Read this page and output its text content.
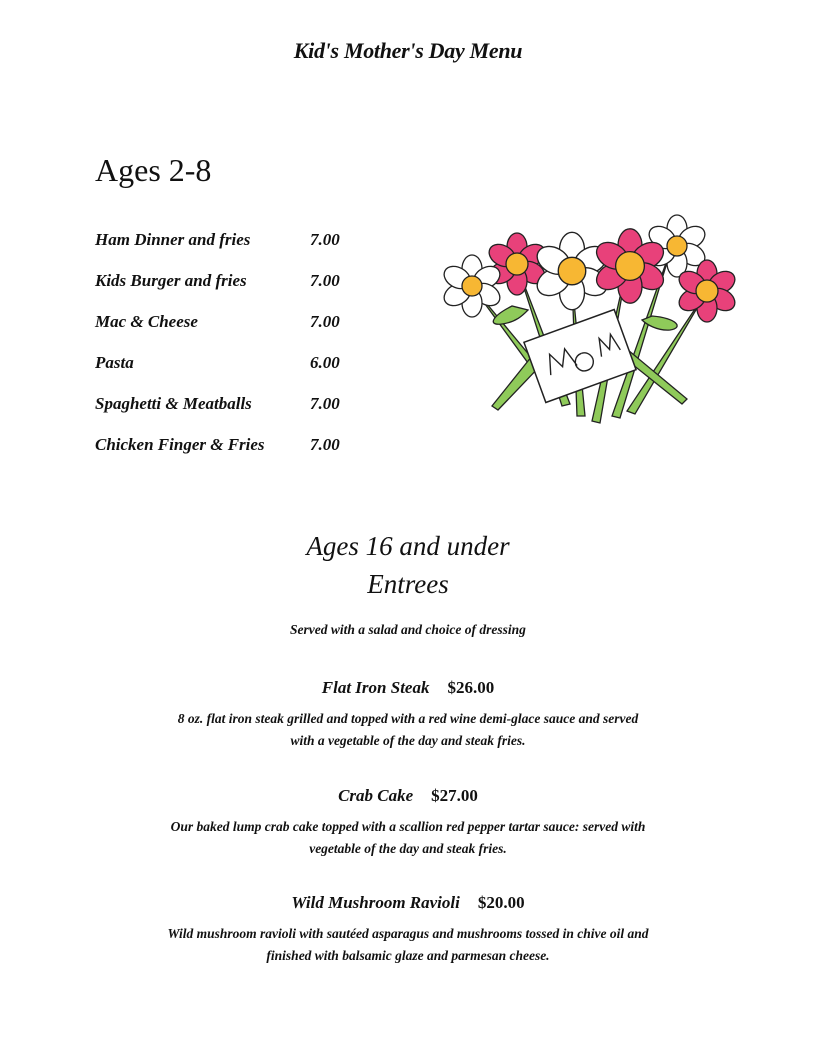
Kid's Mother's Day Menu
Ages 2-8
Ham Dinner and fries	7.00
Kids Burger and fries	7.00
Mac & Cheese	7.00
Pasta	6.00
Spaghetti & Meatballs	7.00
Chicken Finger & Fries	7.00
Ages 16 and under
Entrees
Served with a salad and choice of dressing
Flat Iron Steak $26.00
8 oz. flat iron steak grilled and topped with a red wine demi-glace sauce and served
with a vegetable of the day and steak fries.
Crab Cake $27.00
Our baked lump crab cake topped with a scallion red pepper tartar sauce: served with
vegetable of the day and steak fries.
Wild Mushroom Ravioli $20.00
Wild mushroom ravioli with sautéed asparagus and mushrooms tossed in chive oil and
finished with balsamic glaze and parmesan cheese.
